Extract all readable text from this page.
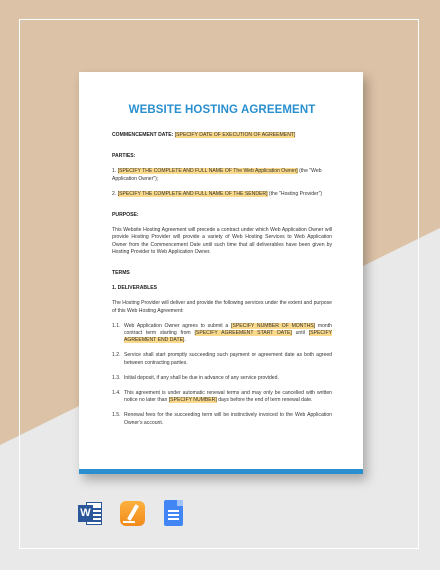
WEBSITE HOSTING AGREEMENT
COMMENCEMENT DATE: [SPECIFY DATE OF EXECUTION OF AGREEMENT]
PARTIES:
1. [SPECIFY THE COMPLETE AND FULL NAME OF The Web Application Owner] (the "Web Application Owner");
2. [SPECIFY THE COMPLETE AND FULL NAME OF THE SENDER] (the "Hosting Provider")
PURPOSE:
This Website Hosting Agreement will precede a contract under which Web Application Owner will provide Hosting Provider will provide a variety of Web Hosting Services to Web Application Owner from the Commencement Date until such time that all deliverables have been given by Hosting Provider to Web Application Owner.
TERMS
1. DELIVERABLES
The Hosting Provider will deliver and provide the following services under the extent and purpose of this Web Hosting Agreement:
1.1. Web Application Owner agrees to submit a [SPECIFY NUMBER OF MONTHS] month contract term starting from [SPECIFY AGREEMENT START DATE] until [SPECIFY AGREEMENT END DATE].
1.2. Service shall start promptly succeeding such payment or agreement date as both agreed between contracting parties.
1.3. Initial deposit, if any shall be due in advance of any service provided.
1.4. This agreement is under automatic renewal terms and may only be cancelled with written notice no later than [SPECIFY NUMBER] days before the end of term renewal date.
1.5. Renewal fees for the succeeding term will be instinctively invoiced to the Web Application Owner's account.
W
